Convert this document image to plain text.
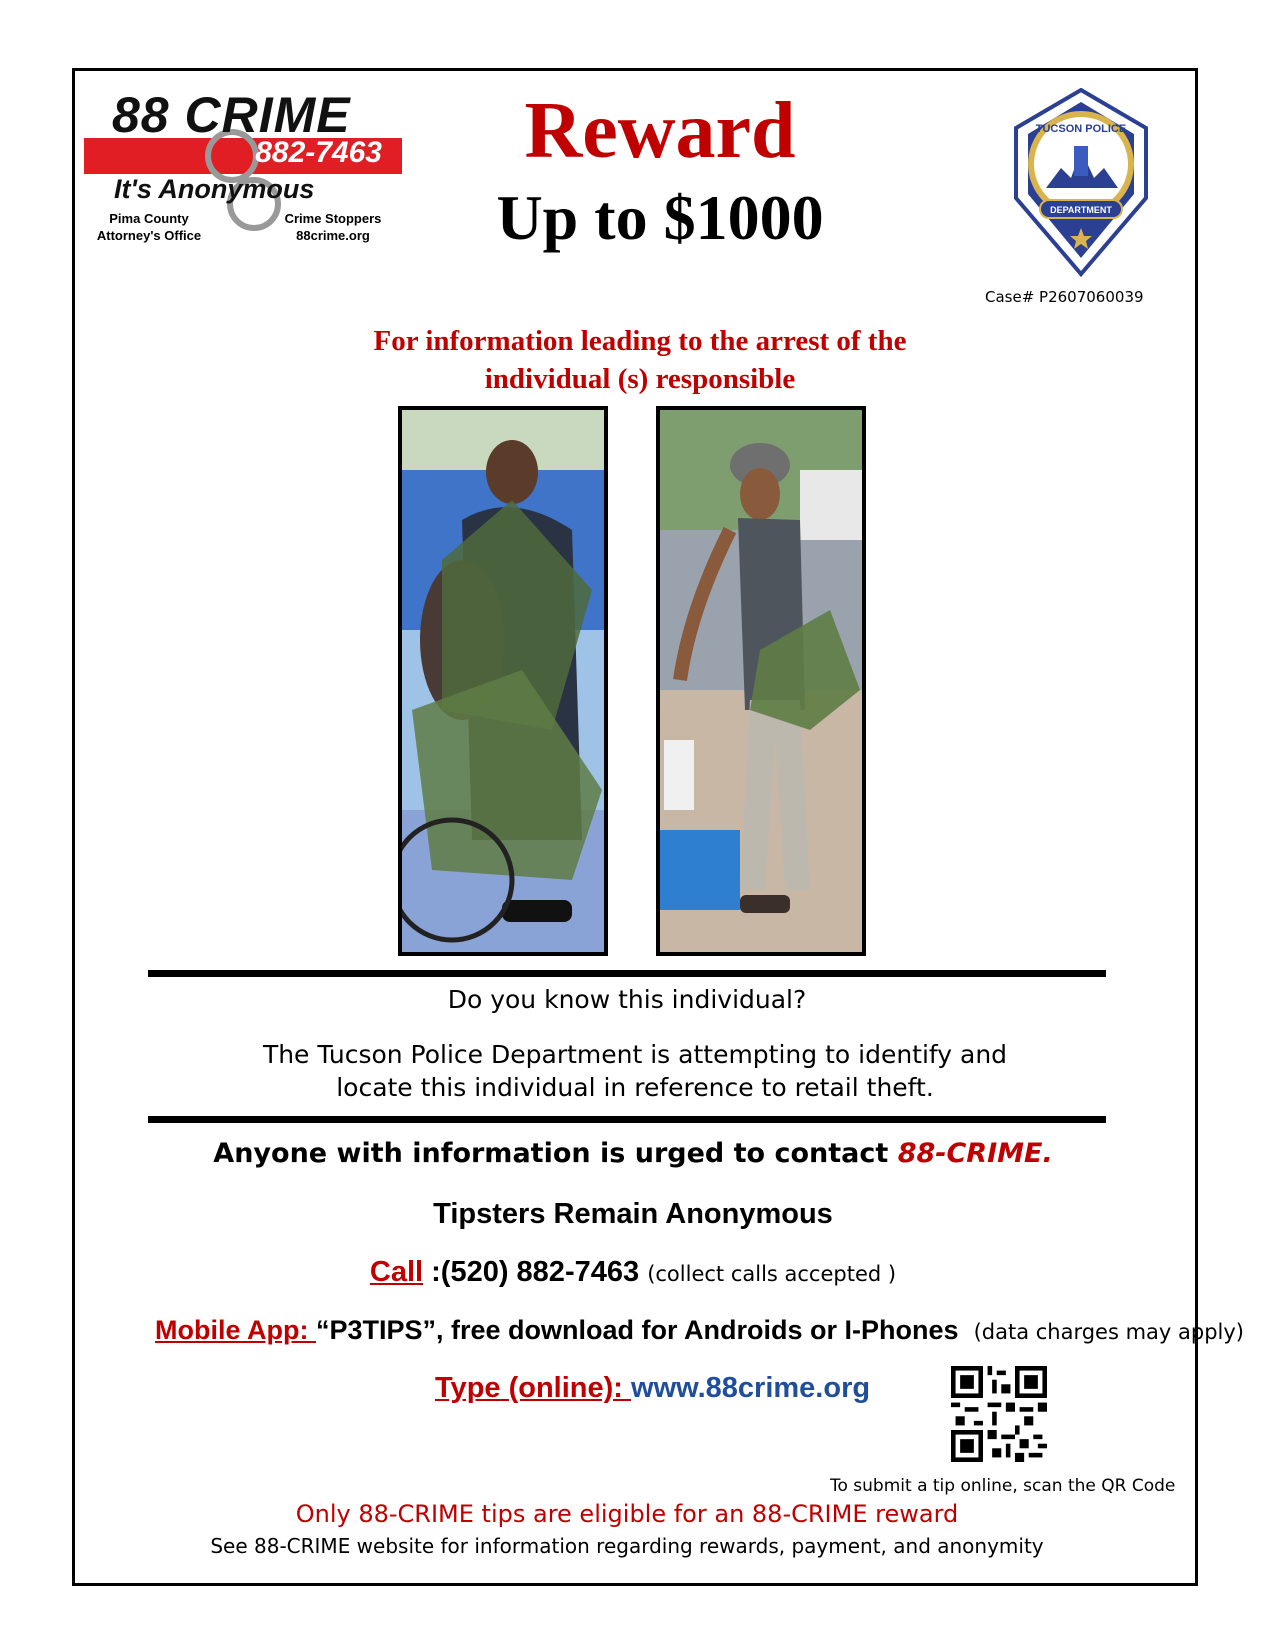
88 CRIME
882-7463
It's Anonymous
Pima County
Attorney's Office
Crime Stoppers
88crime.org
Reward
Up to $1000	DEPARTMENT
TUCSON POLICE
Case# P2607060039
For information leading to the arrest of the
individual (s) responsible
Do you know this individual?
The Tucson Police Department is attempting to identify and
locate this individual in reference to retail theft.
Anyone with information is urged to contact 88-CRIME.
Tipsters Remain Anonymous
Call :(520) 882-7463 (collect calls accepted )
Mobile App: “P3TIPS”, free download for Androids or I-Phones (data charges may apply)
Type (online): www.88crime.org
To submit a tip online, scan the QR Code
Only 88-CRIME tips are eligible for an 88-CRIME reward
See 88-CRIME website for information regarding rewards, payment, and anonymity
